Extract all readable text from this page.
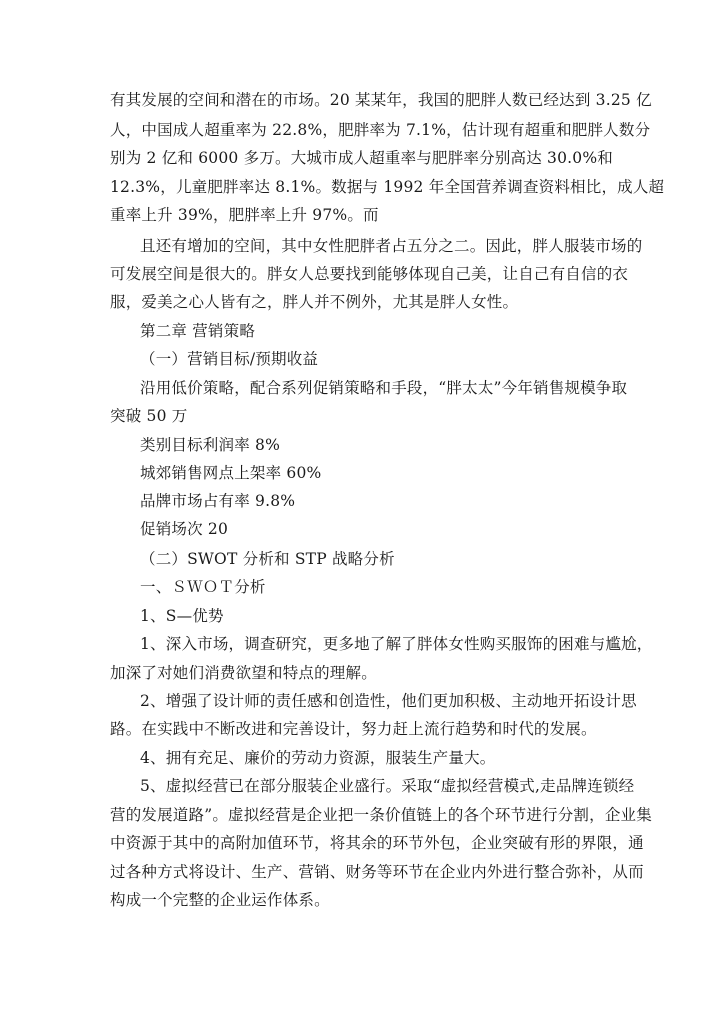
有其发展的空间和潜在的市场。20 某某年，我国的肥胖人数已经达到 3.25 亿
人，中国成人超重率为 22.8%，肥胖率为 7.1%，估计现有超重和肥胖人数分
别为 2 亿和 6000 多万。大城市成人超重率与肥胖率分别高达 30.0%和
12.3%，儿童肥胖率达 8.1%。数据与 1992 年全国营养调查资料相比，成人超
重率上升 39%，肥胖率上升 97%。而
且还有增加的空间，其中女性肥胖者占五分之二。因此，胖人服装市场的
可发展空间是很大的。胖女人总要找到能够体现自己美，让自己有自信的衣
服，爱美之心人皆有之，胖人并不例外，尤其是胖人女性。
第二章 营销策略
（一）营销目标/预期收益
沿用低价策略，配合系列促销策略和手段，“胖太太”今年销售规模争取
突破 50 万
类别目标利润率 8%
城郊销售网点上架率 60%
品牌市场占有率 9.8%
促销场次 20
（二）SWOT 分析和 STP 战略分析
一、ＳＷＯＴ分析
1、S—优势
1、深入市场，调查研究，更多地了解了胖体女性购买服饰的困难与尴尬，
加深了对她们消费欲望和特点的理解。
2、增强了设计师的责任感和创造性，他们更加积极、主动地开拓设计思
路。在实践中不断改进和完善设计，努力赶上流行趋势和时代的发展。
4、拥有充足、廉价的劳动力资源，服装生产量大。
5、虚拟经营已在部分服装企业盛行。采取“虚拟经营模式,走品牌连锁经
营的发展道路”。虚拟经营是企业把一条价值链上的各个环节进行分割，企业集
中资源于其中的高附加值环节，将其余的环节外包，企业突破有形的界限，通
过各种方式将设计、生产、营销、财务等环节在企业内外进行整合弥补，从而
构成一个完整的企业运作体系。
